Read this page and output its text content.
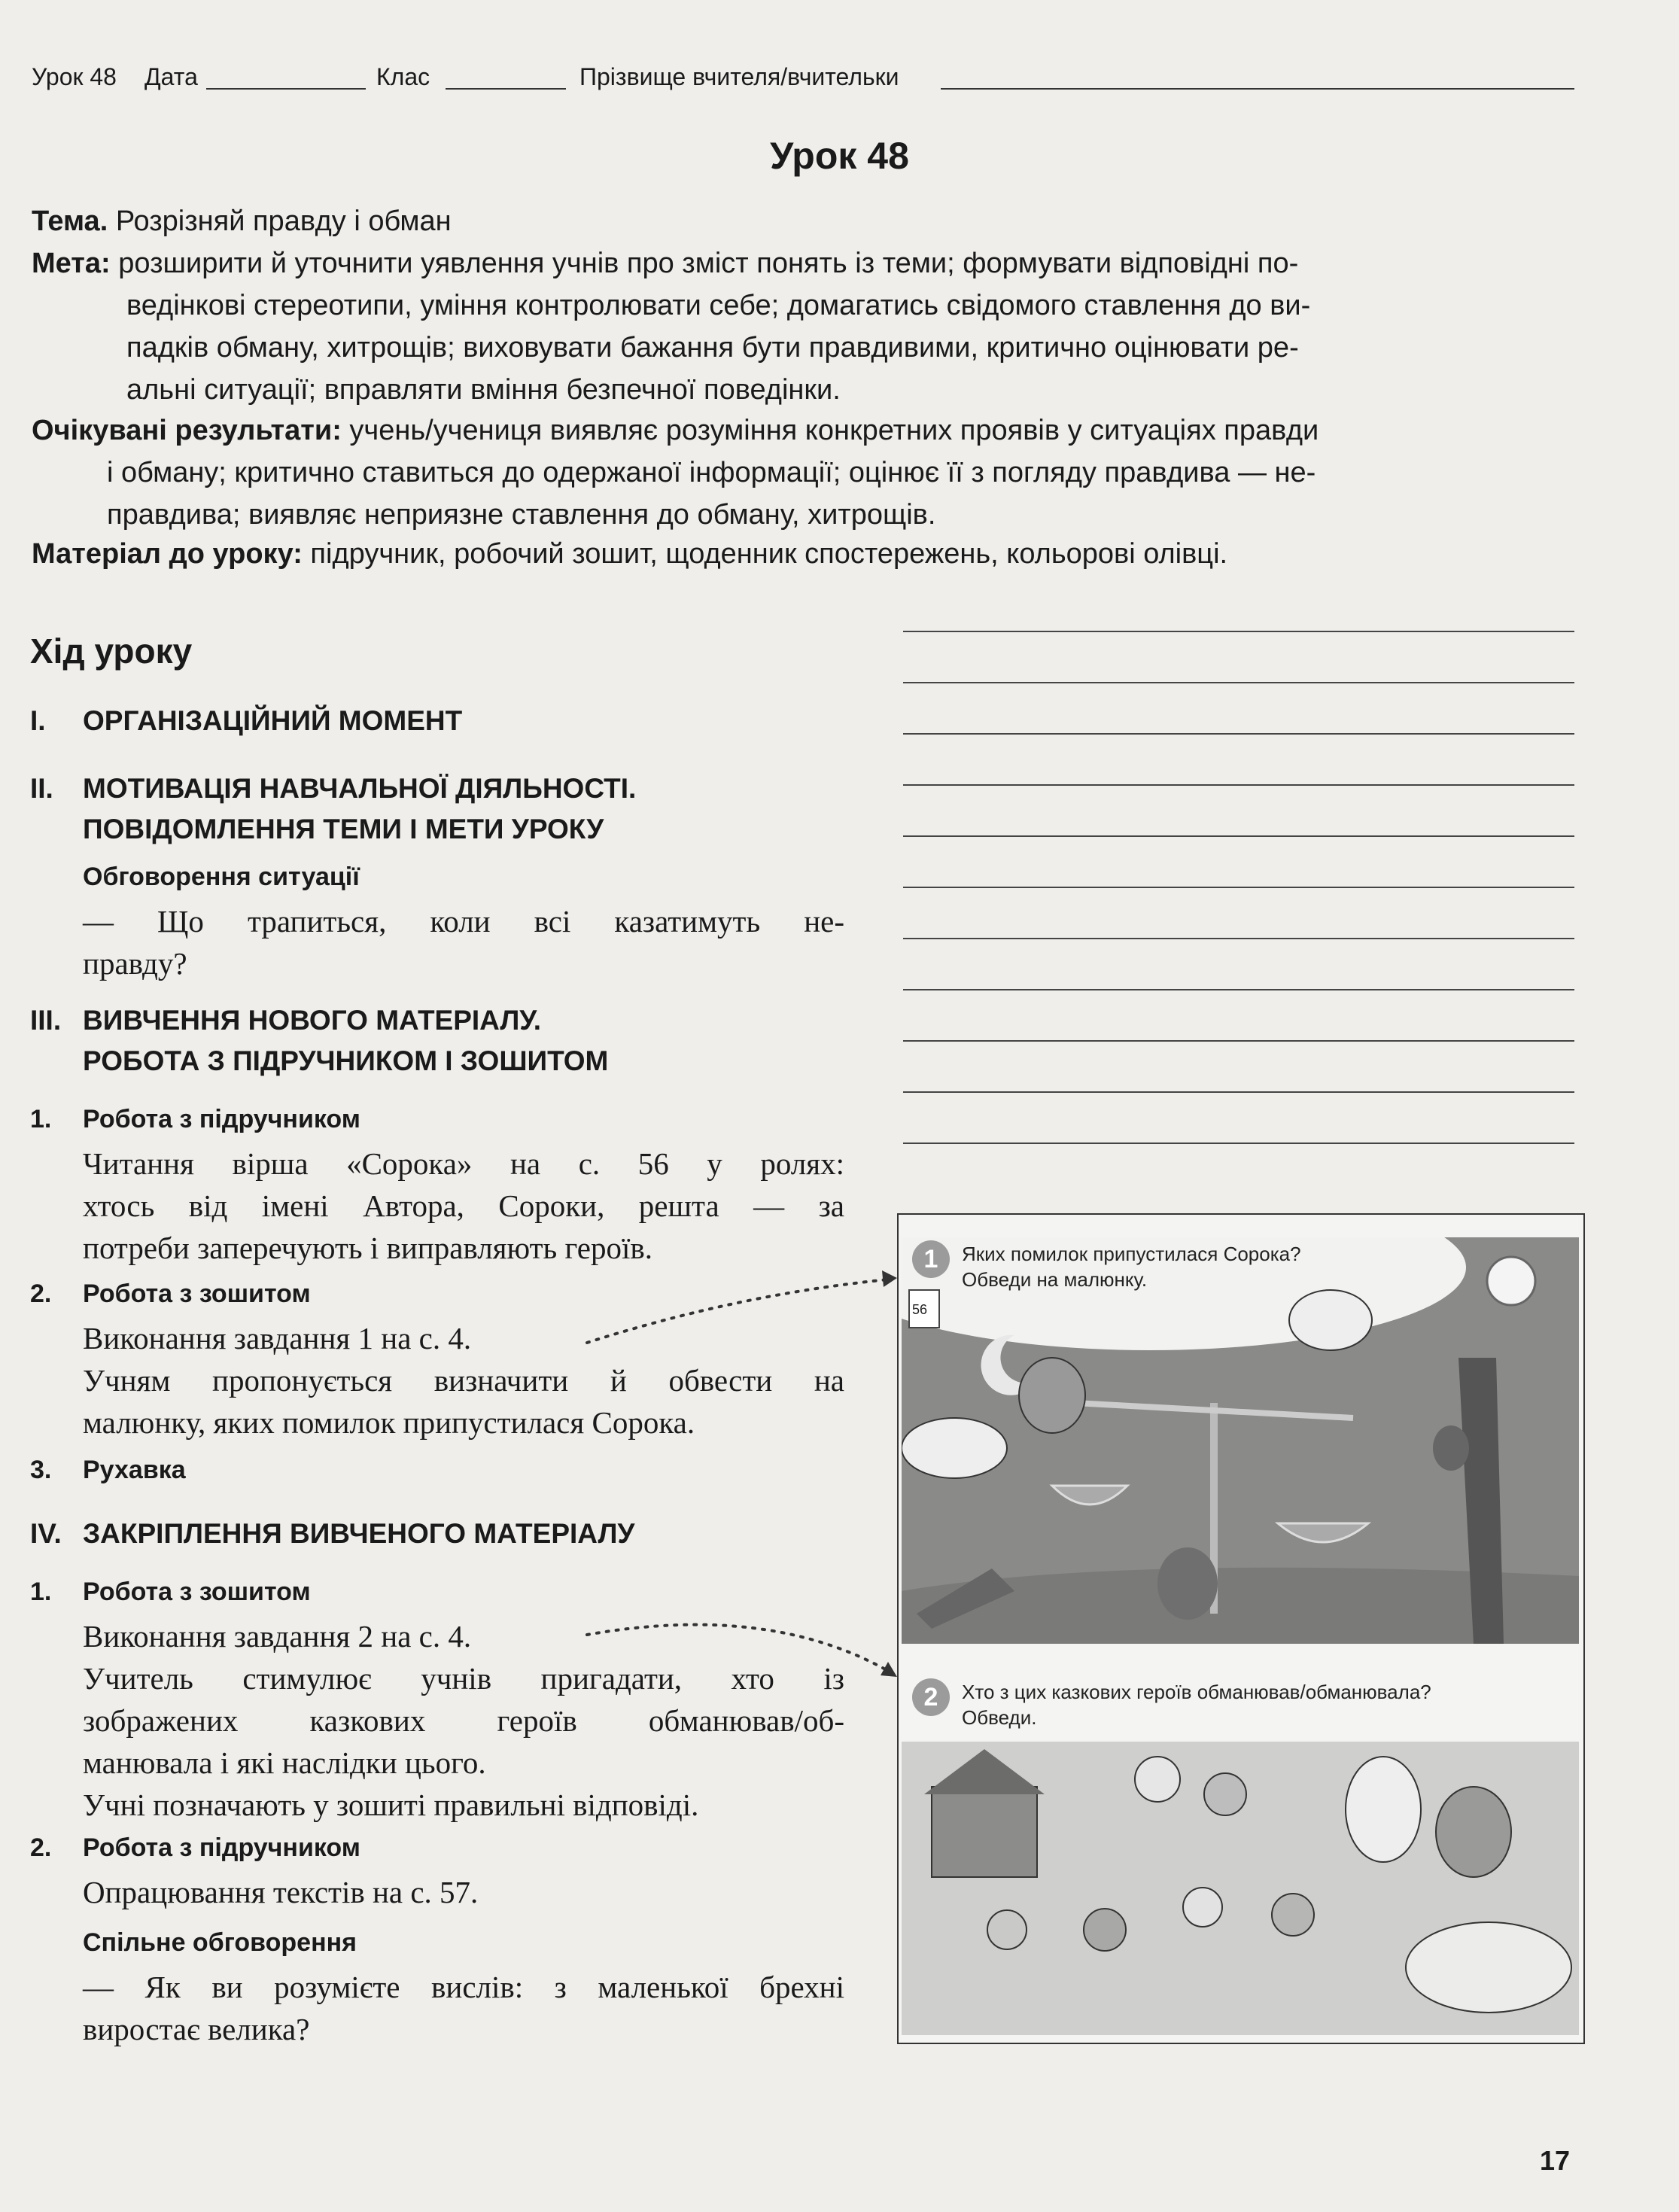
Урок 48 Дата	Клас	Прізвище вчителя/вчительки
Урок 48
Тема. Розрізняй правду і обман
Мета: розширити й уточнити уявлення учнів про зміст понять із теми; формувати відповідні по-
ведінкові стереотипи, уміння контролювати себе; домагатись свідомого ставлення до ви-
падків обману, хитрощів; виховувати бажання бути правдивими, критично оцінювати ре-
альні ситуації; вправляти вміння безпечної поведінки.
Очікувані результати: учень/учениця виявляє розуміння конкретних проявів у ситуаціях правди
і обману; критично ставиться до одержаної інформації; оцінює її з погляду правдива — не-
правдива; виявляє неприязне ставлення до обману, хитрощів.
Матеріал до уроку: підручник, робочий зошит, щоденник спостережень, кольорові олівці.
Хід уроку
I. ОРГАНІЗАЦІЙНИЙ МОМЕНТ
II. МОТИВАЦІЯ НАВЧАЛЬНОЇ ДІЯЛЬНОСТІ.
ПОВІДОМЛЕННЯ ТЕМИ І МЕТИ УРОКУ
Обговорення ситуації
— Що трапиться, коли всі казатимуть не-
правду?
III. ВИВЧЕННЯ НОВОГО МАТЕРІАЛУ.
РОБОТА З ПІДРУЧНИКОМ І ЗОШИТОМ
1. Робота з підручником
Читання вірша «Сорока» на с. 56 у ролях:
хтось від імені Автора, Сороки, решта — за
потреби заперечують і виправляють героїв.
2. Робота з зошитом
Виконання завдання 1 на с. 4.
Учням пропонується визначити й обвести на
малюнку, яких помилок припустилася Сорока.
3. Рухавка
IV. ЗАКРІПЛЕННЯ ВИВЧЕНОГО МАТЕРІАЛУ
1. Робота з зошитом
Виконання завдання 2 на с. 4.
Учитель стимулює учнів пригадати, хто із
зображених казкових героїв обманював/об-
манювала і які наслідки цього.
Учні позначають у зошиті правильні відповіді.
2. Робота з підручником
Опрацювання текстів на с. 57.
Спільне обговорення
— Як ви розумієте вислів: з маленької брехні
виростає велика?
56
1	Яких помилок припустилася Сорока?
Обведи на малюнку.
2	Хто з цих казкових героїв обманював/обманювала?
Обведи.
17
